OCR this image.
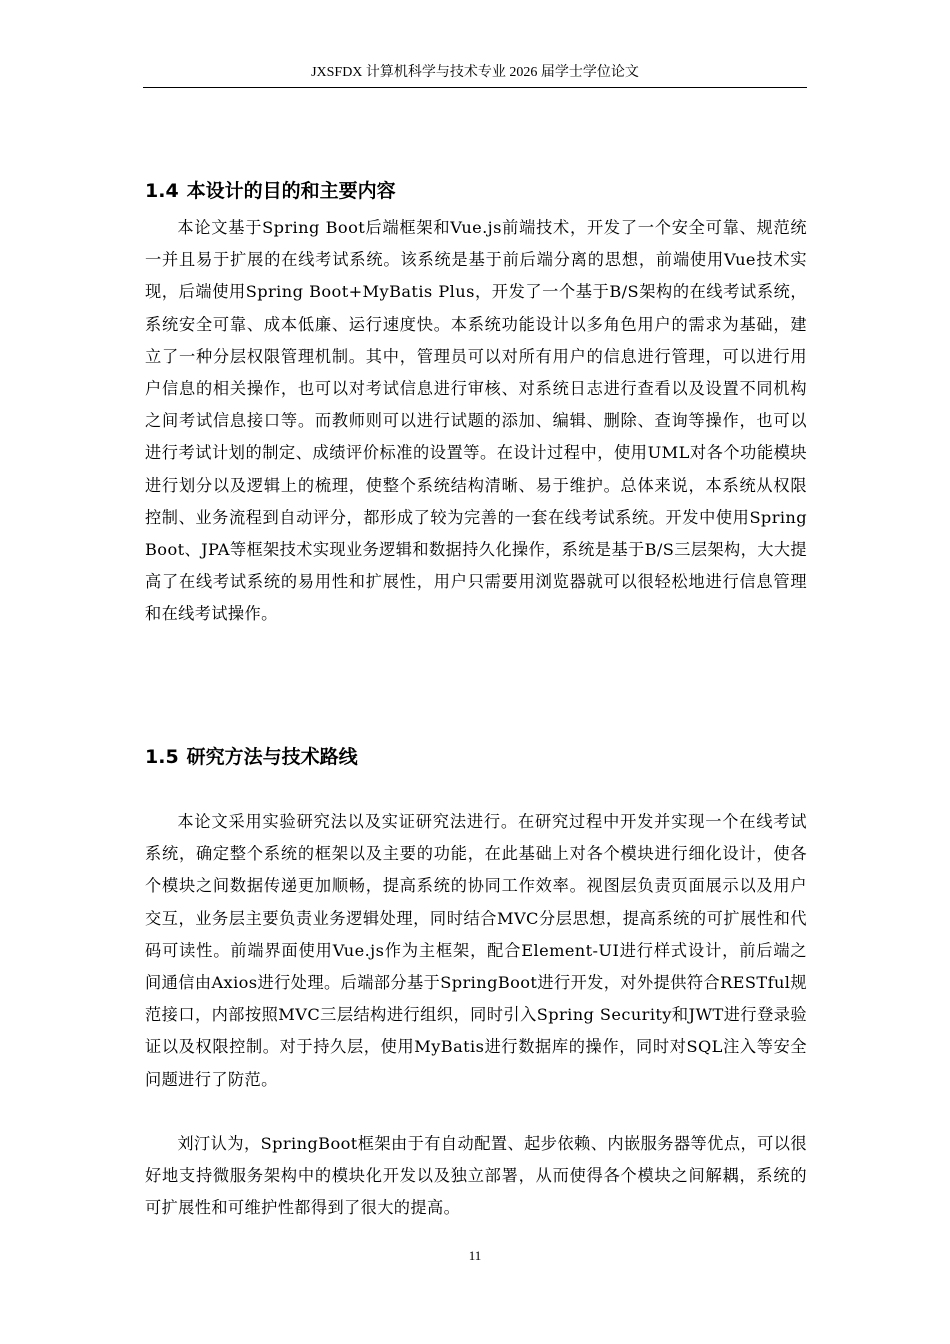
JXSFDX 计算机科学与技术专业 2026 届学士学位论文
1.4 本设计的目的和主要内容

本论文基于Spring Boot后端框架和Vue.js前端技术，开发了一个安全可靠、规范统一并且易于扩展的在线考试系统。该系统是基于前后端分离的思想，前端使用Vue技术实现，后端使用Spring Boot+MyBatis Plus，开发了一个基于B/S架构的在线考试系统，系统安全可靠、成本低廉、运行速度快。本系统功能设计以多角色用户的需求为基础，建立了一种分层权限管理机制。其中，管理员可以对所有用户的信息进行管理，可以进行用户信息的相关操作，也可以对考试信息进行审核、对系统日志进行查看以及设置不同机构之间考试信息接口等。而教师则可以进行试题的添加、编辑、删除、查询等操作，也可以进行考试计划的制定、成绩评价标准的设置等。在设计过程中，使用UML对各个功能模块进行划分以及逻辑上的梳理，使整个系统结构清晰、易于维护。总体来说，本系统从权限控制、业务流程到自动评分，都形成了较为完善的一套在线考试系统。开发中使用Spring Boot、JPA等框架技术实现业务逻辑和数据持久化操作，系统是基于B/S三层架构，大大提高了在线考试系统的易用性和扩展性，用户只需要用浏览器就可以很轻松地进行信息管理和在线考试操作。

1.5 研究方法与技术路线

本论文采用实验研究法以及实证研究法进行。在研究过程中开发并实现一个在线考试系统，确定整个系统的框架以及主要的功能，在此基础上对各个模块进行细化设计，使各个模块之间数据传递更加顺畅，提高系统的协同工作效率。视图层负责页面展示以及用户交互，业务层主要负责业务逻辑处理，同时结合MVC分层思想，提高系统的可扩展性和代码可读性。前端界面使用Vue.js作为主框架，配合Element-UI进行样式设计，前后端之间通信由Axios进行处理。后端部分基于SpringBoot进行开发，对外提供符合RESTful规范接口，内部按照MVC三层结构进行组织，同时引入Spring Security和JWT进行登录验证以及权限控制。对于持久层，使用MyBatis进行数据库的操作，同时对SQL注入等安全问题进行了防范。

刘汀认为，SpringBoot框架由于有自动配置、起步依赖、内嵌服务器等优点，可以很好地支持微服务架构中的模块化开发以及独立部署，从而使得各个模块之间解耦，系统的可扩展性和可维护性都得到了很大的提高。

11
